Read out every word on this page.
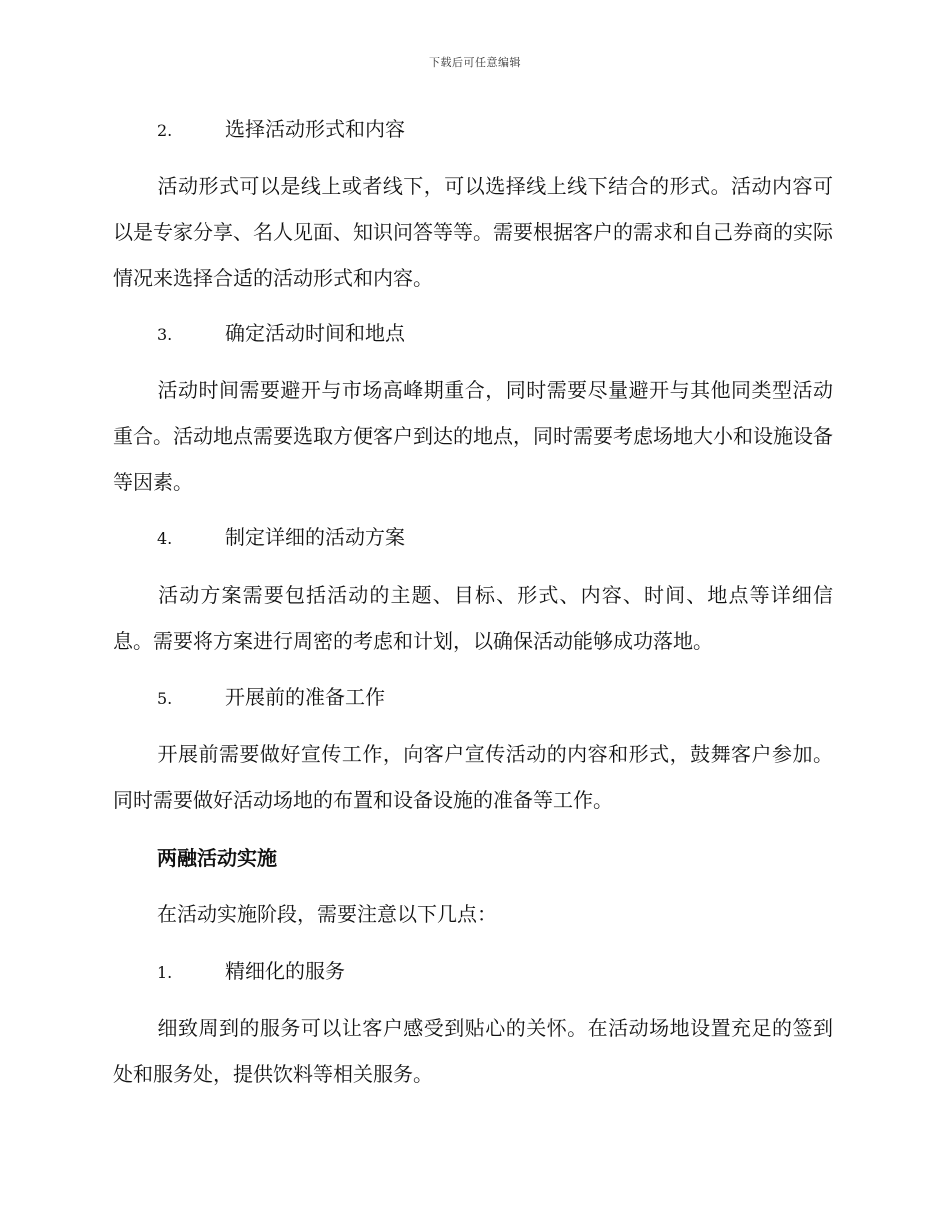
下载后可任意编辑
2.	选择活动形式和内容
活动形式可以是线上或者线下，可以选择线上线下结合的形式。活动内容可以是专家分享、名人见面、知识问答等等。需要根据客户的需求和自己券商的实际情况来选择合适的活动形式和内容。
3.	确定活动时间和地点
活动时间需要避开与市场高峰期重合，同时需要尽量避开与其他同类型活动重合。活动地点需要选取方便客户到达的地点，同时需要考虑场地大小和设施设备等因素。
4.	制定详细的活动方案
活动方案需要包括活动的主题、目标、形式、内容、时间、地点等详细信息。需要将方案进行周密的考虑和计划，以确保活动能够成功落地。
5.	开展前的准备工作
开展前需要做好宣传工作，向客户宣传活动的内容和形式，鼓舞客户参加。同时需要做好活动场地的布置和设备设施的准备等工作。
两融活动实施
在活动实施阶段，需要注意以下几点：
1.	精细化的服务
细致周到的服务可以让客户感受到贴心的关怀。在活动场地设置充足的签到处和服务处，提供饮料等相关服务。
